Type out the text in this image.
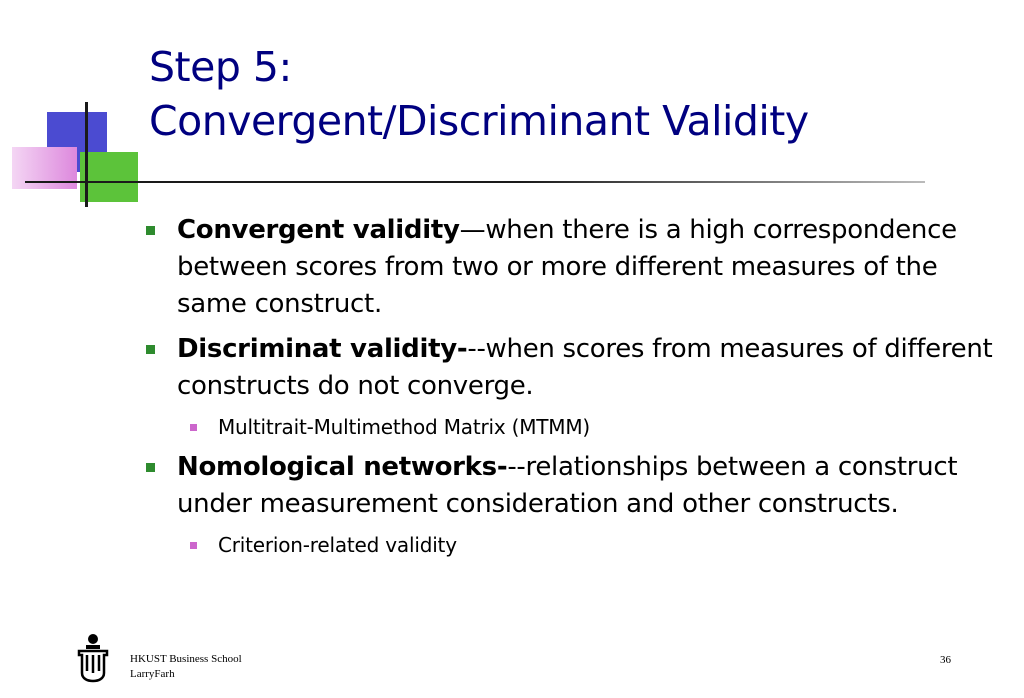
Step 5:
Convergent/Discriminant Validity
Convergent validity—when there is a high correspondence between scores from two or more different measures of the same construct.
Discriminat validity---when scores from measures of different constructs do not converge.
Multitrait-Multimethod Matrix (MTMM)
Nomological networks---relationships between a construct under measurement consideration and other constructs.
Criterion-related validity
HKUST Business School
LarryFarh
36
